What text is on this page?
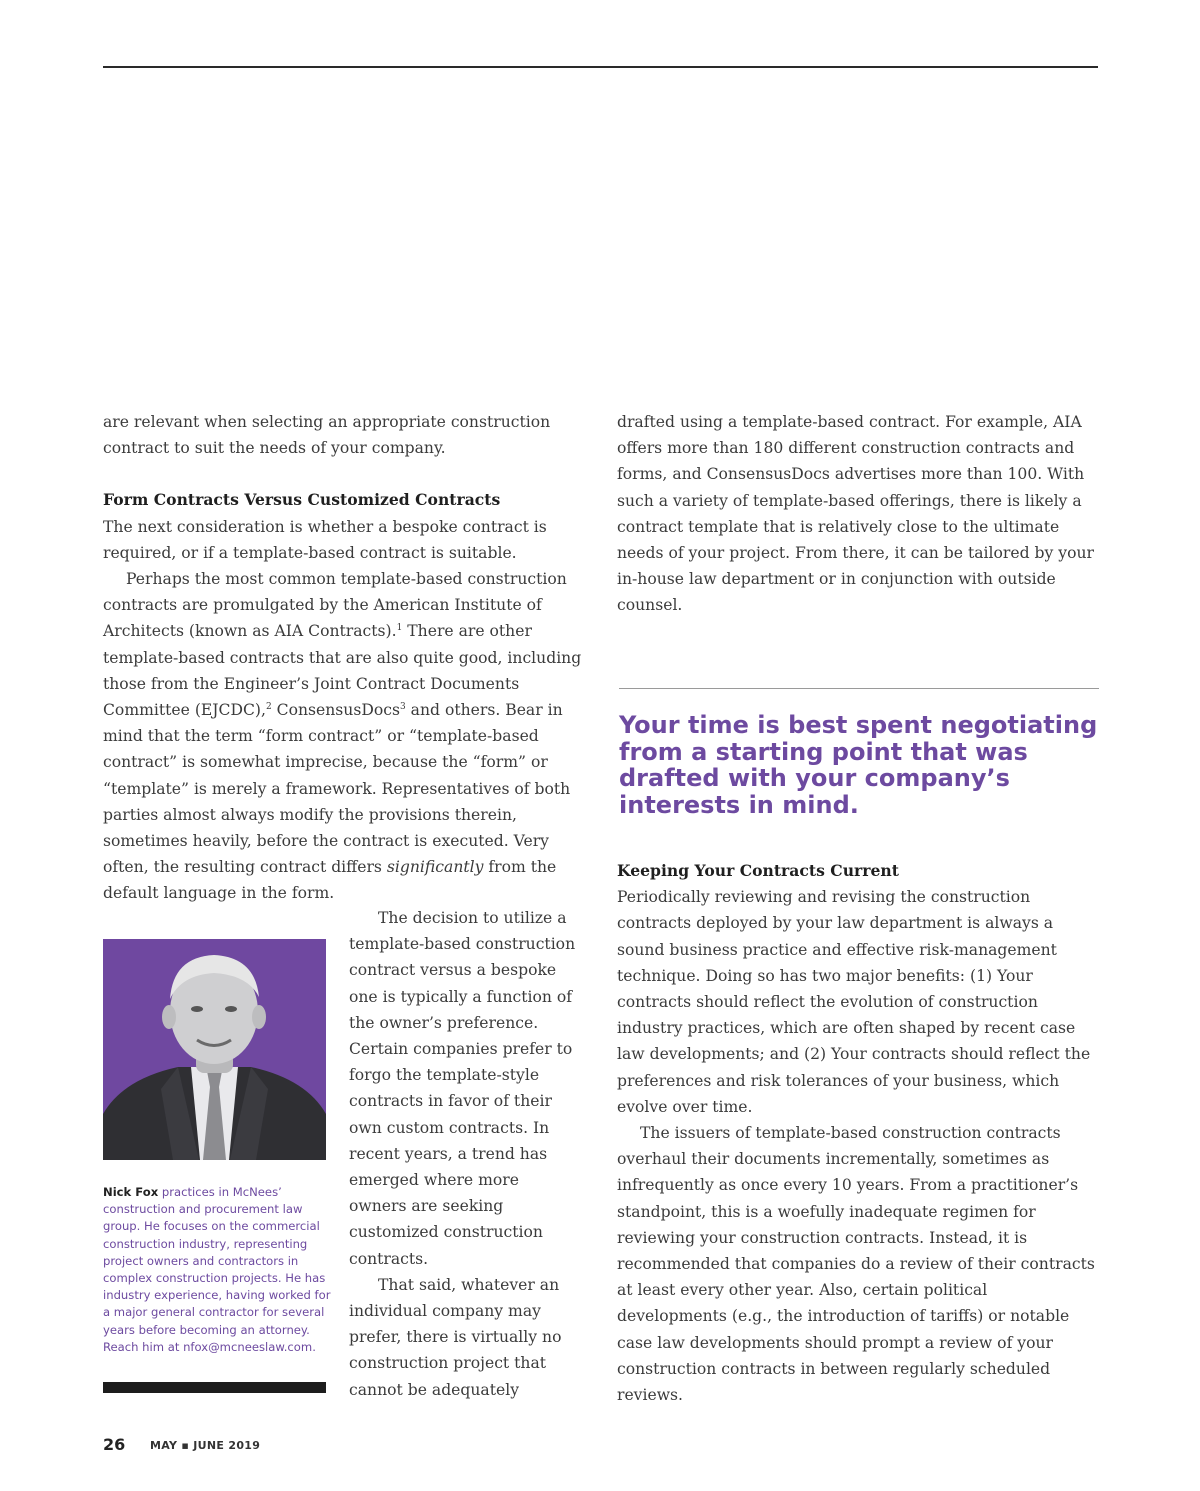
are relevant when selecting an appropriate construction

contract to suit the needs of your company.

Form Contracts Versus Customized Contracts

The next consideration is whether a bespoke contract is required, or if a template-based contract is suitable.

Perhaps the most common template-based construction contracts are promulgated by the American Institute of Architects (known as AIA Contracts).$^1$ There are other template-based contracts that are also quite good, including those from the Engineer’s Joint Contract Documents Committee (EJCDC),$^2$ ConsensusDocs$^3$ and others. Bear in mind that the term “form contract” or “template-based contract” is somewhat imprecise, because the “form” or “template” is merely a framework. Representatives of both parties almost always modify the provisions therein, sometimes heavily, before the contract is executed. Very often, the resulting contract differs significantly from the default language in the form.

Nick Fox practices in McNees’ construction and procurement law group. He focuses on the commercial construction industry, representing project owners and contractors in complex construction projects. He has industry experience, having worked for a major general contractor for several years before becoming an attorney. Reach him at nfox@mcneeslaw.com.

The decision to utilize a template-based construction contract versus a bespoke one is typically a function of the owner’s preference. Certain companies prefer to forgo the template-style contracts in favor of their own custom contracts. In recent years, a trend has emerged where more owners are seeking customized construction contracts.

That said, whatever an individual company may prefer, there is virtually no construction project that cannot be adequately

drafted using a template-based contract. For example, AIA offers more than 180 different construction contracts and forms, and ConsensusDocs advertises more than 100. With such a variety of template-based offerings, there is likely a contract template that is relatively close to the ultimate needs of your project. From there, it can be tailored by your in-house law department or in conjunction with outside counsel.

Your time is best spent negotiating from a starting point that was drafted with your company’s interests in mind.

Keeping Your Contracts Current

Periodically reviewing and revising the construction contracts deployed by your law department is always a sound business practice and effective risk-management technique. Doing so has two major benefits: (1) Your contracts should reflect the evolution of construction industry practices, which are often shaped by recent case law developments; and (2) Your contracts should reflect the preferences and risk tolerances of your business, which evolve over time.

The issuers of template-based construction contracts overhaul their documents incrementally, sometimes as infrequently as once every 10 years. From a practitioner’s standpoint, this is a woefully inadequate regimen for reviewing your construction contracts. Instead, it is recommended that companies do a review of their contracts at least every other year. Also, certain political developments (e.g., the introduction of tariffs) or notable case law developments should prompt a review of your construction contracts in between regularly scheduled reviews.

26 MAY ▪ JUNE 2019
